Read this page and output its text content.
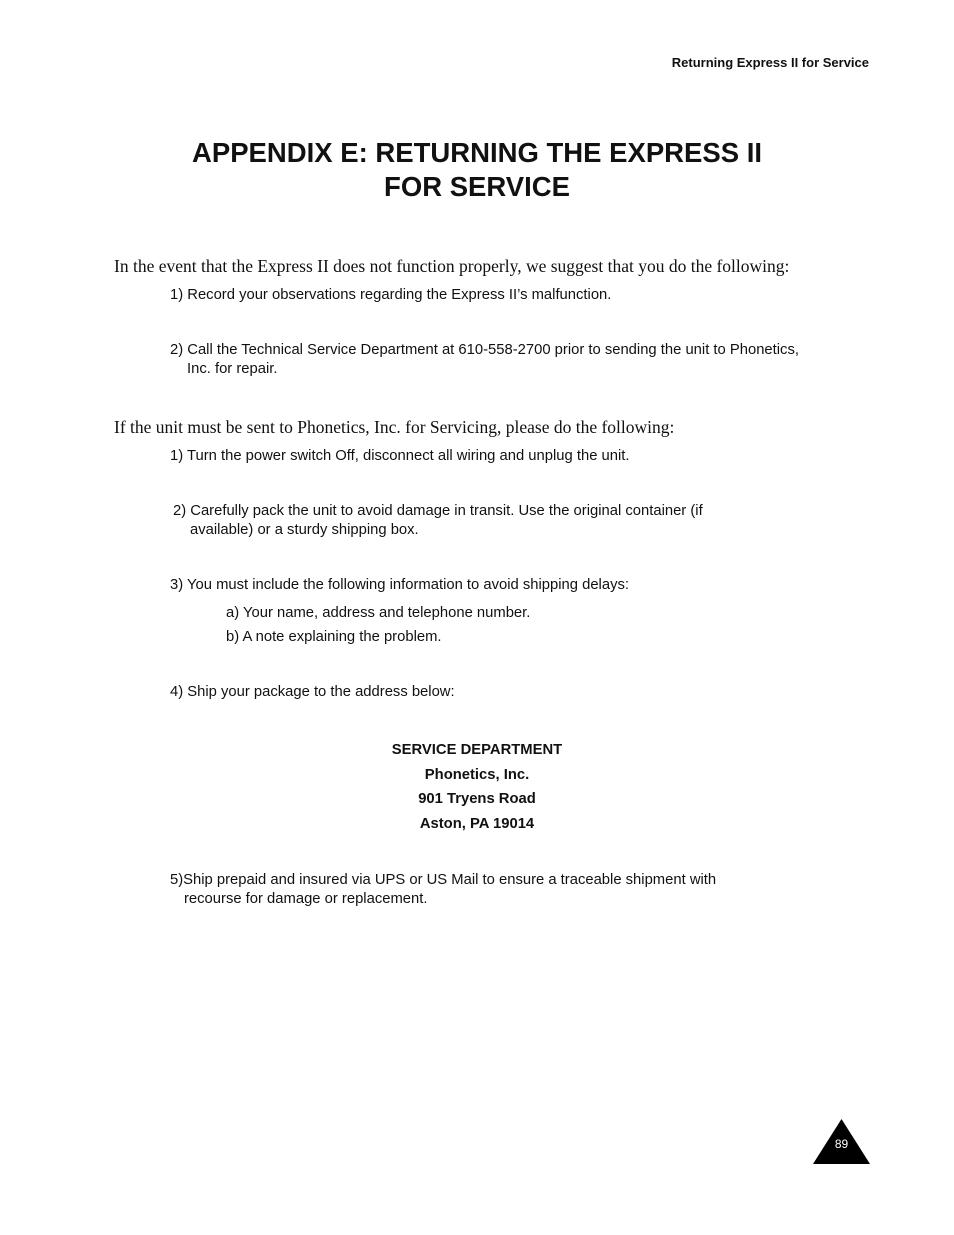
Returning Express II for Service
APPENDIX E: RETURNING THE EXPRESS II
FOR SERVICE
In the event that the Express II does not function properly, we suggest that you do the following:
1) Record your observations regarding the Express II’s malfunction.
2) Call the Technical Service Department at 610-558-2700 prior to sending the unit to Phonetics,
Inc. for repair.
If the unit must be sent to Phonetics, Inc. for Servicing, please do the following:
1) Turn the power switch Off, disconnect all wiring and unplug the unit.
2) Carefully pack the unit to avoid damage in transit. Use the original container (if
available) or a sturdy shipping box.
3) You must include the following information to avoid shipping delays:
a) Your name, address and telephone number.
b) A note explaining the problem.
4) Ship your package to the address below:
SERVICE DEPARTMENT
Phonetics, Inc.
901 Tryens Road
Aston, PA 19014
5)Ship prepaid and insured via UPS or US Mail to ensure a traceable shipment with
recourse for damage or replacement.
89
